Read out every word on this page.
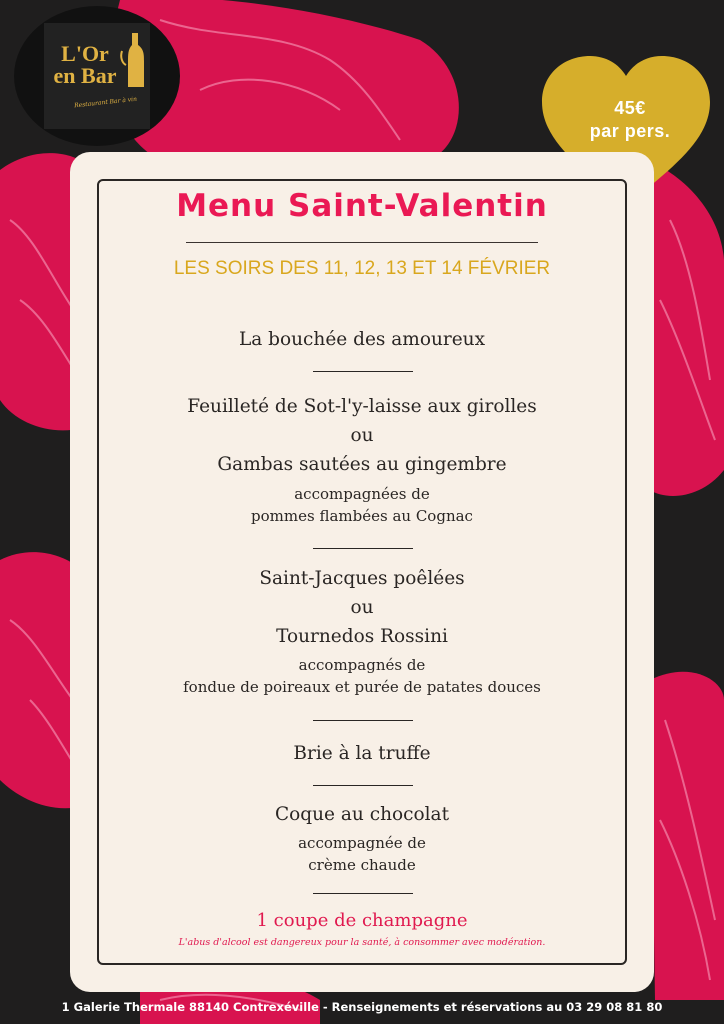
L'Or
en Bar
Restaurant Bar à vin	45€
par pers.
Menu Saint-Valentin
LES SOIRS DES 11, 12, 13 ET 14 FÉVRIER
La bouchée des amoureux
Feuilleté de Sot-l'y-laisse aux girolles
ou
Gambas sautées au gingembre
accompagnées de
pommes flambées au Cognac
Saint-Jacques poêlées
ou
Tournedos Rossini
accompagnés de
fondue de poireaux et purée de patates douces
Brie à la truffe
Coque au chocolat
accompagnée de
crème chaude
1 coupe de champagne
L'abus d'alcool est dangereux pour la santé, à consommer avec modération.
1 Galerie Thermale 88140 Contrexéville - Renseignements et réservations au 03 29 08 81 80
